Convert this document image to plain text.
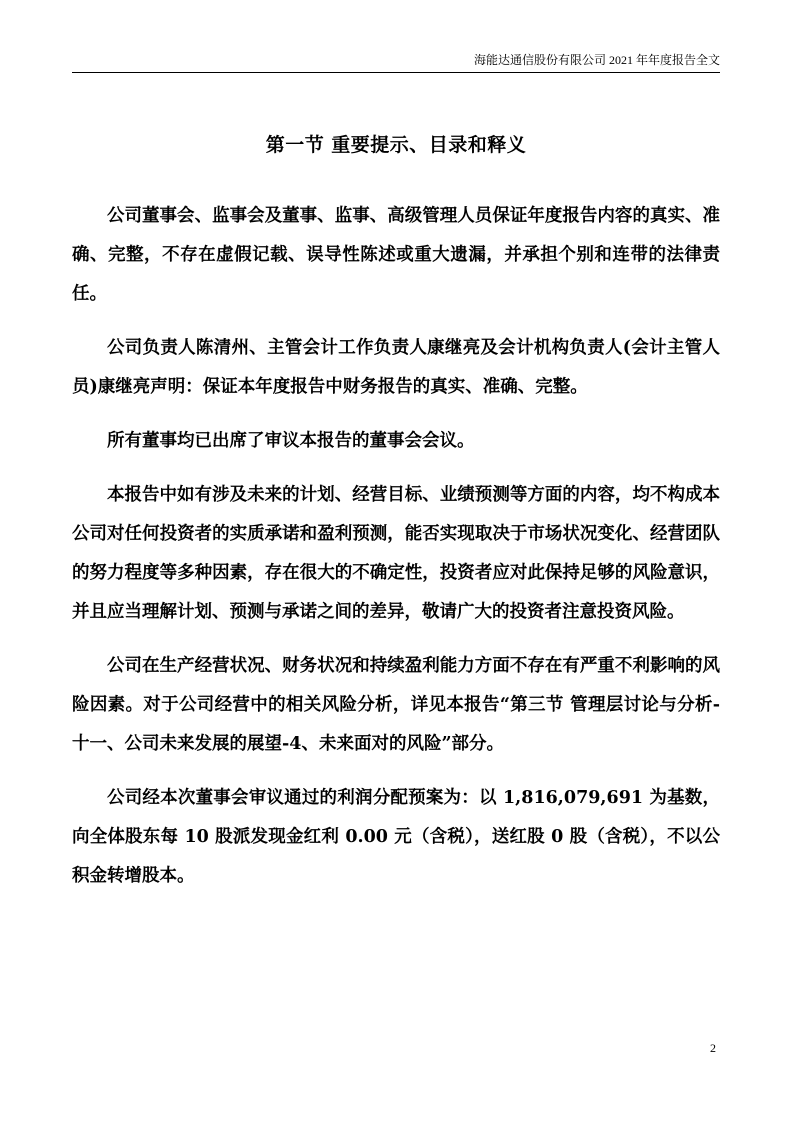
海能达通信股份有限公司 2021 年年度报告全文
第一节 重要提示、目录和释义

公司董事会、监事会及董事、监事、高级管理人员保证年度报告内容的真实、准确、完整，不存在虚假记载、误导性陈述或重大遗漏，并承担个别和连带的法律责任。

公司负责人陈清州、主管会计工作负责人康继亮及会计机构负责人(会计主管人员)康继亮声明：保证本年度报告中财务报告的真实、准确、完整。

所有董事均已出席了审议本报告的董事会会议。

本报告中如有涉及未来的计划、经营目标、业绩预测等方面的内容，均不构成本公司对任何投资者的实质承诺和盈利预测，能否实现取决于市场状况变化、经营团队的努力程度等多种因素，存在很大的不确定性，投资者应对此保持足够的风险意识，并且应当理解计划、预测与承诺之间的差异，敬请广大的投资者注意投资风险。

公司在生产经营状况、财务状况和持续盈利能力方面不存在有严重不利影响的风险因素。对于公司经营中的相关风险分析，详见本报告“第三节 管理层讨论与分析-十一、公司未来发展的展望-4、未来面对的风险”部分。

公司经本次董事会审议通过的利润分配预案为：以 1,816,079,691 为基数，向全体股东每 10 股派发现金红利 0.00 元（含税），送红股 0 股（含税），不以公积金转增股本。

2
